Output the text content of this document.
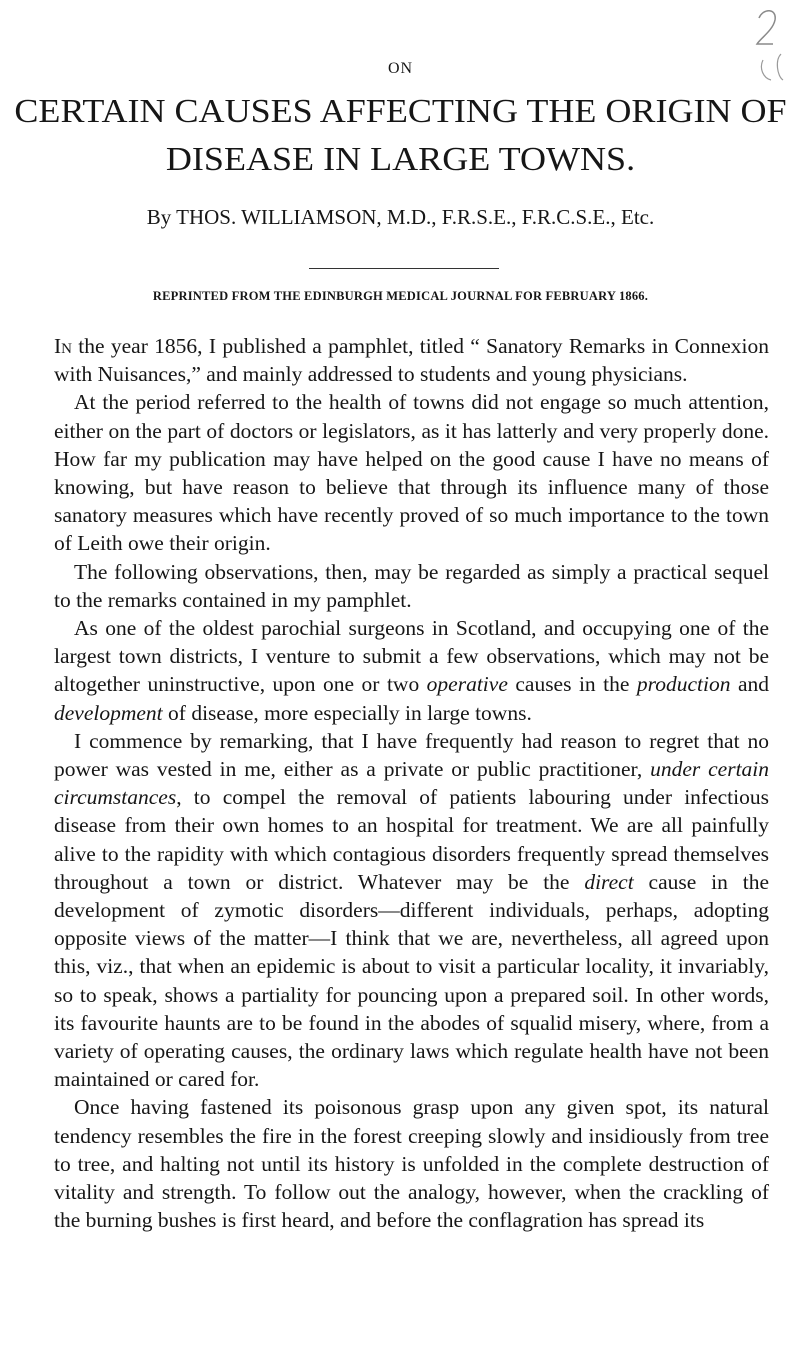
ON
CERTAIN CAUSES AFFECTING THE ORIGIN OF
DISEASE IN LARGE TOWNS.
By THOS. WILLIAMSON, M.D., F.R.S.E., F.R.C.S.E., Etc.
REPRINTED FROM THE EDINBURGH MEDICAL JOURNAL FOR FEBRUARY 1866.

In the year 1856, I published a pamphlet, titled “ Sanatory Remarks in Connexion with Nuisances,” and mainly addressed to students and young physicians.

At the period referred to the health of towns did not engage so much attention, either on the part of doctors or legislators, as it has latterly and very properly done. How far my publication may have helped on the good cause I have no means of knowing, but have reason to believe that through its influence many of those sanatory measures which have recently proved of so much importance to the town of Leith owe their origin.

The following observations, then, may be regarded as simply a practical sequel to the remarks contained in my pamphlet.

As one of the oldest parochial surgeons in Scotland, and occupying one of the largest town districts, I venture to submit a few observations, which may not be altogether uninstructive, upon one or two operative causes in the production and development of disease, more especially in large towns.

I commence by remarking, that I have frequently had reason to regret that no power was vested in me, either as a private or public practitioner, under certain circumstances, to compel the removal of patients labouring under infectious disease from their own homes to an hospital for treatment. We are all painfully alive to the rapidity with which contagious disorders frequently spread themselves throughout a town or district. Whatever may be the direct cause in the development of zymotic disorders—different individuals, perhaps, adopting opposite views of the matter—I think that we are, nevertheless, all agreed upon this, viz., that when an epidemic is about to visit a particular locality, it invariably, so to speak, shows a partiality for pouncing upon a prepared soil. In other words, its favourite haunts are to be found in the abodes of squalid misery, where, from a variety of operating causes, the ordinary laws which regulate health have not been maintained or cared for.

Once having fastened its poisonous grasp upon any given spot, its natural tendency resembles the fire in the forest creeping slowly and insidiously from tree to tree, and halting not until its history is unfolded in the complete destruction of vitality and strength. To follow out the analogy, however, when the crackling of the burning bushes is first heard, and before the conflagration has spread its
